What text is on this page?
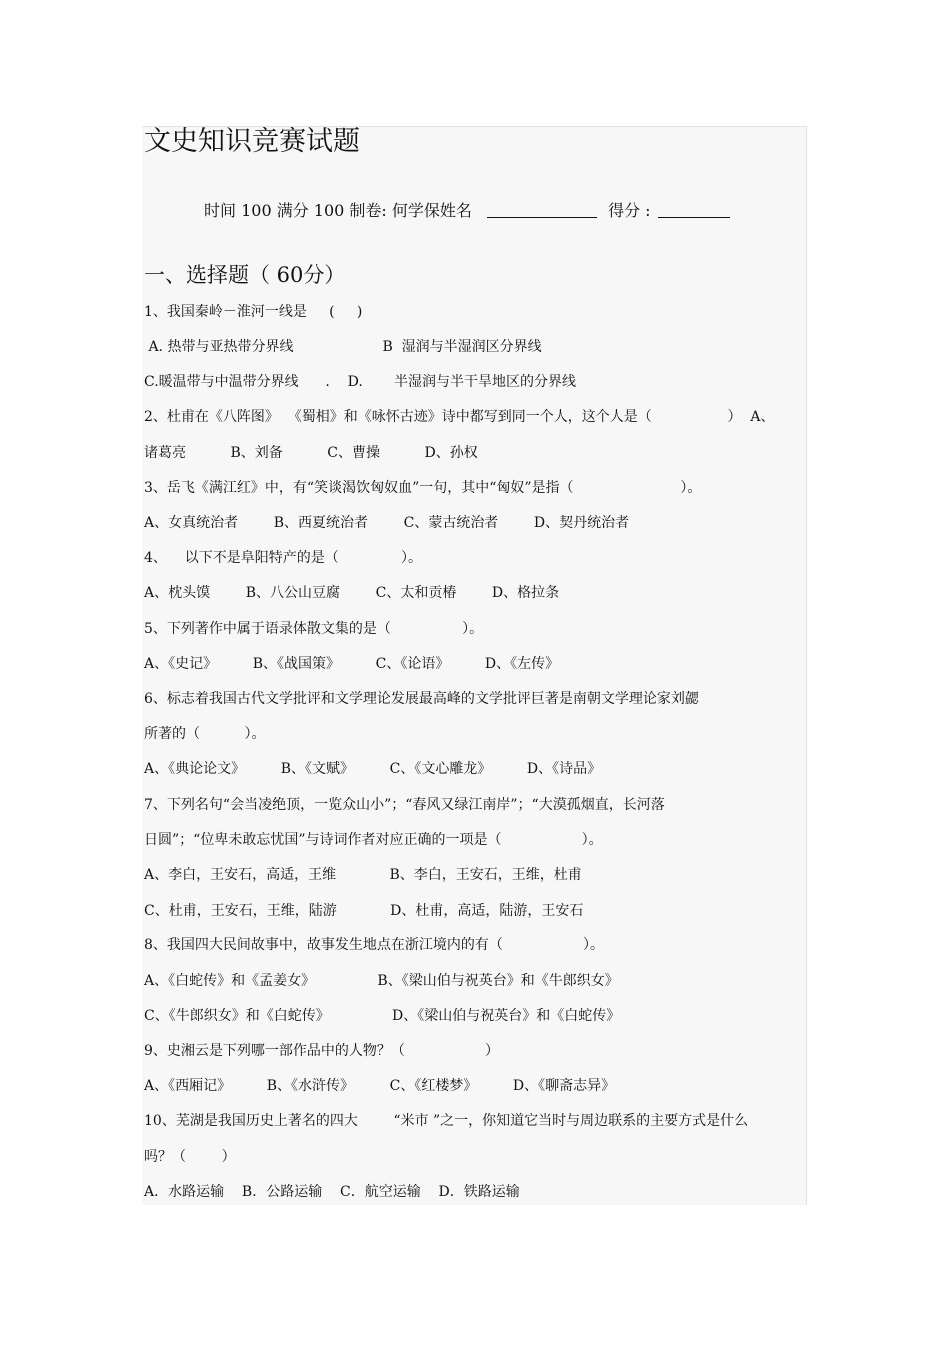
文史知识竞赛试题
时间 100 满分 100 制卷: 何学保姓名	得分 :
一、选择题（ 60分）
1、我国秦岭－淮河一线是     (     )
A. 热带与亚热带分界线                    B  湿润与半湿润区分界线
C.暖温带与中温带分界线      .    D.       半湿润与半干旱地区的分界线
2、杜甫在《八阵图》  《蜀相》和《咏怀古迹》诗中都写到同一个人，这个人是（                 ）  A、
诸葛亮          B、刘备          C、曹操          D、孙权
3、岳飞《满江红》中，有“笑谈渴饮匈奴血”一句，其中“匈奴”是指（                        ）。
A、女真统治者        B、西夏统治者        C、蒙古统治者        D、契丹统治者
4、    以下不是阜阳特产的是（              ）。
A、枕头馍        B、八公山豆腐        C、太和贡椿        D、格拉条
5、下列著作中属于语录体散文集的是（                ）。
A、《史记》        B、《战国策》        C、《论语》        D、《左传》
6、标志着我国古代文学批评和文学理论发展最高峰的文学批评巨著是南朝文学理论家刘勰
所著的（          ）。
A、《典论论文》        B、《文赋》        C、《文心雕龙》        D、《诗品》
7、下列名句“会当凌绝顶，一览众山小”；“春风又绿江南岸”；“大漠孤烟直，长河落
日圆”；“位卑未敢忘忧国”与诗词作者对应正确的一项是（                  ）。
A、李白，王安石，高适，王维            B、李白，王安石，王维，杜甫
C、杜甫，王安石，王维，陆游            D、杜甫，高适，陆游，王安石
8、我国四大民间故事中，故事发生地点在浙江境内的有（                  ）。
A、《白蛇传》和《孟姜女》              B、《梁山伯与祝英台》和《牛郎织女》
C、《牛郎织女》和《白蛇传》              D、《梁山伯与祝英台》和《白蛇传》
9、史湘云是下列哪一部作品中的人物？（                  ）
A、《西厢记》        B、《水浒传》        C、《红楼梦》        D、《聊斋志异》
10、芜湖是我国历史上著名的四大        “米市 ”之一，你知道它当时与周边联系的主要方式是什么
吗？（        ）
A．水路运输    B．公路运输    C．航空运输    D．铁路运输
